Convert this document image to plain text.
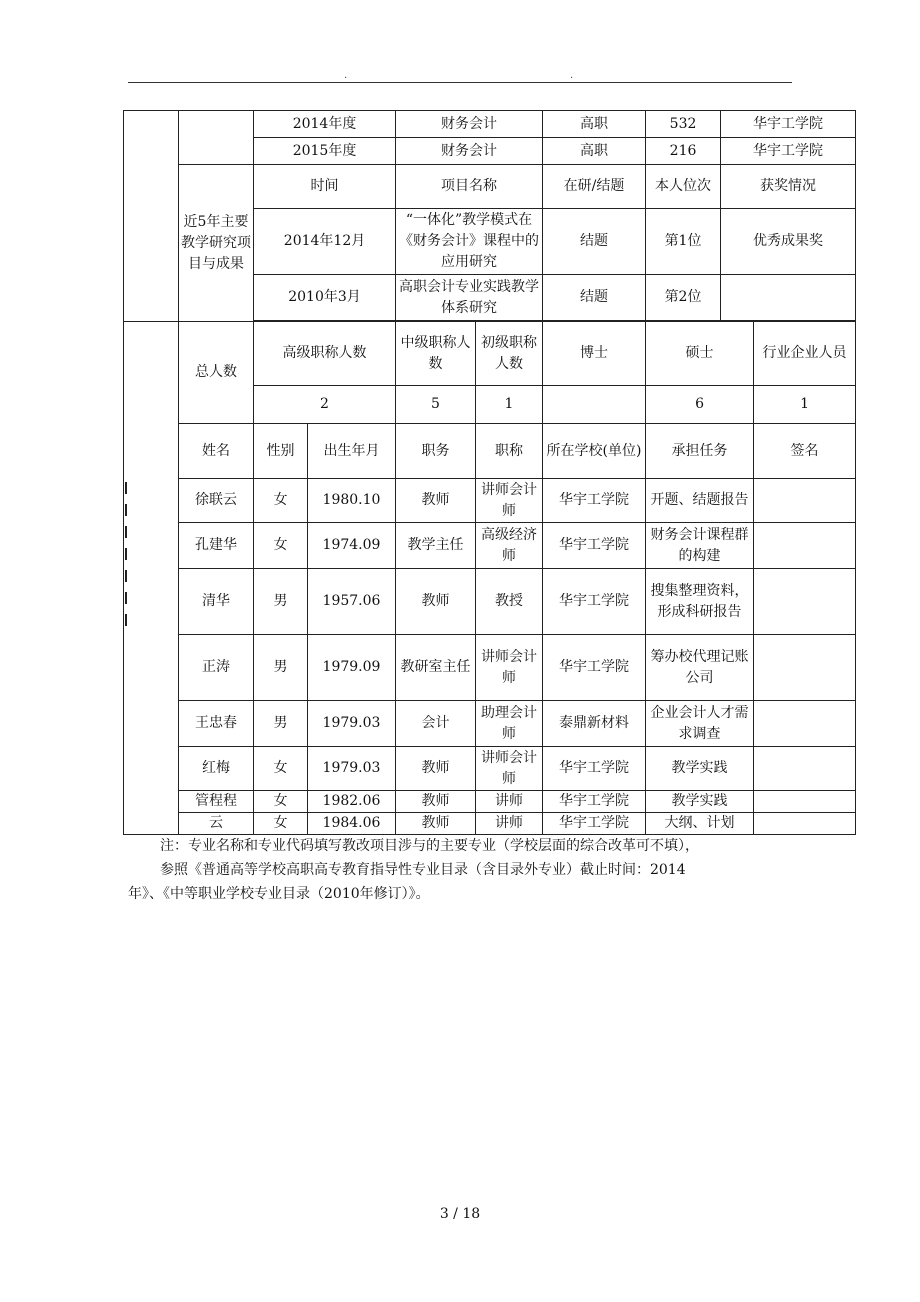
.	.
		2014年度		财务会计		高职	532	华宇工学院	
		2015年度		财务会计		高职	216	华宇工学院	
	近5年主要教学研究项目与成果	时间		项目名称		在研/结题	本人位次	获奖情况	
		2014年12月		“一体化”教学模式在《财务会计》课程中的应用研究		结题	第1位	优秀成果奖	
		2010年3月		高职会计专业实践教学体系研究		结题	第2位		

	总人数	高级职称人数		中级职称人数	初级职称人数	博士	硕士		行业企业人员
		2		5	1		6		1
	姓名	性别	出生年月	职务	职称	所在学校(单位)	承担任务		签名
	徐联云	女	1980.10	教师	讲师会计师	华宇工学院	开题、结题报告		
	孔建华	女	1974.09	教学主任	高级经济师	华宇工学院	财务会计课程群的构建		
	清华	男	1957.06	教师	教授	华宇工学院	搜集整理资料，形成科研报告		
	正涛	男	1979.09	教研室主任	讲师会计师	华宇工学院	筹办校代理记账公司		
	王忠春	男	1979.03	会计	助理会计师	泰鼎新材料	企业会计人才需求调查		
	红梅	女	1979.03	教师	讲师会计师	华宇工学院	教学实践		
	管程程	女	1982.06	教师	讲师	华宇工学院	教学实践		
	云	女	1984.06	教师	讲师	华宇工学院	大纲、计划		
注：专业名称和专业代码填写教改项目涉与的主要专业（学校层面的综合改革可不填），
参照《普通高等学校高职高专教育指导性专业目录（含目录外专业）截止时间：2014
年》、《中等职业学校专业目录（2010年修订）》。
3 / 18
